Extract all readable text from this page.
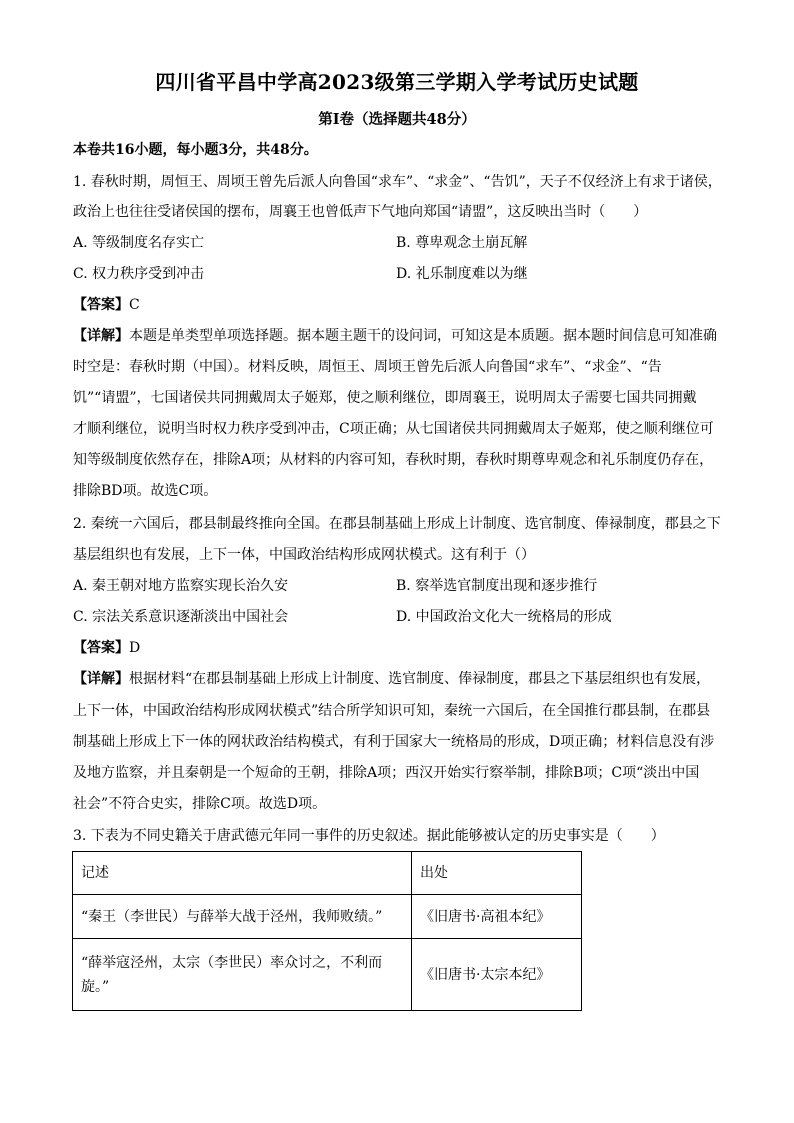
四川省平昌中学高2023级第三学期入学考试历史试题
第Ⅰ卷（选择题共48分）
本卷共16小题，每小题3分，共48分。
1. 春秋时期，周恒王、周顷王曾先后派人向鲁国“求车”、“求金”、“告饥”，天子不仅经济上有求于诸侯，
政治上也往往受诸侯国的摆布，周襄王也曾低声下气地向郑国“请盟”，这反映出当时（　　）
A. 等级制度名存实亡	B. 尊卑观念土崩瓦解
C. 权力秩序受到冲击	D. 礼乐制度难以为继
【答案】C
【详解】本题是单类型单项选择题。据本题主题干的设问词，可知这是本质题。据本题时间信息可知准确
时空是：春秋时期（中国）。材料反映，周恒王、周顷王曾先后派人向鲁国“求车”、“求金”、“告
饥”“请盟”，七国诸侯共同拥戴周太子姬郑，使之顺利继位，即周襄王，说明周太子需要七国共同拥戴
才顺利继位，说明当时权力秩序受到冲击，C项正确；从七国诸侯共同拥戴周太子姬郑，使之顺利继位可
知等级制度依然存在，排除A项；从材料的内容可知，春秋时期，春秋时期尊卑观念和礼乐制度仍存在，
排除BD项。故选C项。
2. 秦统一六国后，郡县制最终推向全国。在郡县制基础上形成上计制度、选官制度、俸禄制度，郡县之下
基层组织也有发展，上下一体，中国政治结构形成网状模式。这有利于（）
A. 秦王朝对地方监察实现长治久安	B. 察举选官制度出现和逐步推行
C. 宗法关系意识逐渐淡出中国社会	D. 中国政治文化大一统格局的形成
【答案】D
【详解】根据材料“在郡县制基础上形成上计制度、选官制度、俸禄制度，郡县之下基层组织也有发展，
上下一体，中国政治结构形成网状模式”结合所学知识可知，秦统一六国后，在全国推行郡县制，在郡县
制基础上形成上下一体的网状政治结构模式，有利于国家大一统格局的形成，D项正确；材料信息没有涉
及地方监察，并且秦朝是一个短命的王朝，排除A项；西汉开始实行察举制，排除B项；C项“淡出中国
社会”不符合史实，排除C项。故选D项。
3. 下表为不同史籍关于唐武德元年同一事件的历史叙述。据此能够被认定的历史事实是（　　）
记述	出处
“秦王（李世民）与薛举大战于泾州，我师败绩。”	《旧唐书·高祖本纪》
“薛举寇泾州，太宗（李世民）率众讨之，不利而
旋。”	《旧唐书·太宗本纪》
